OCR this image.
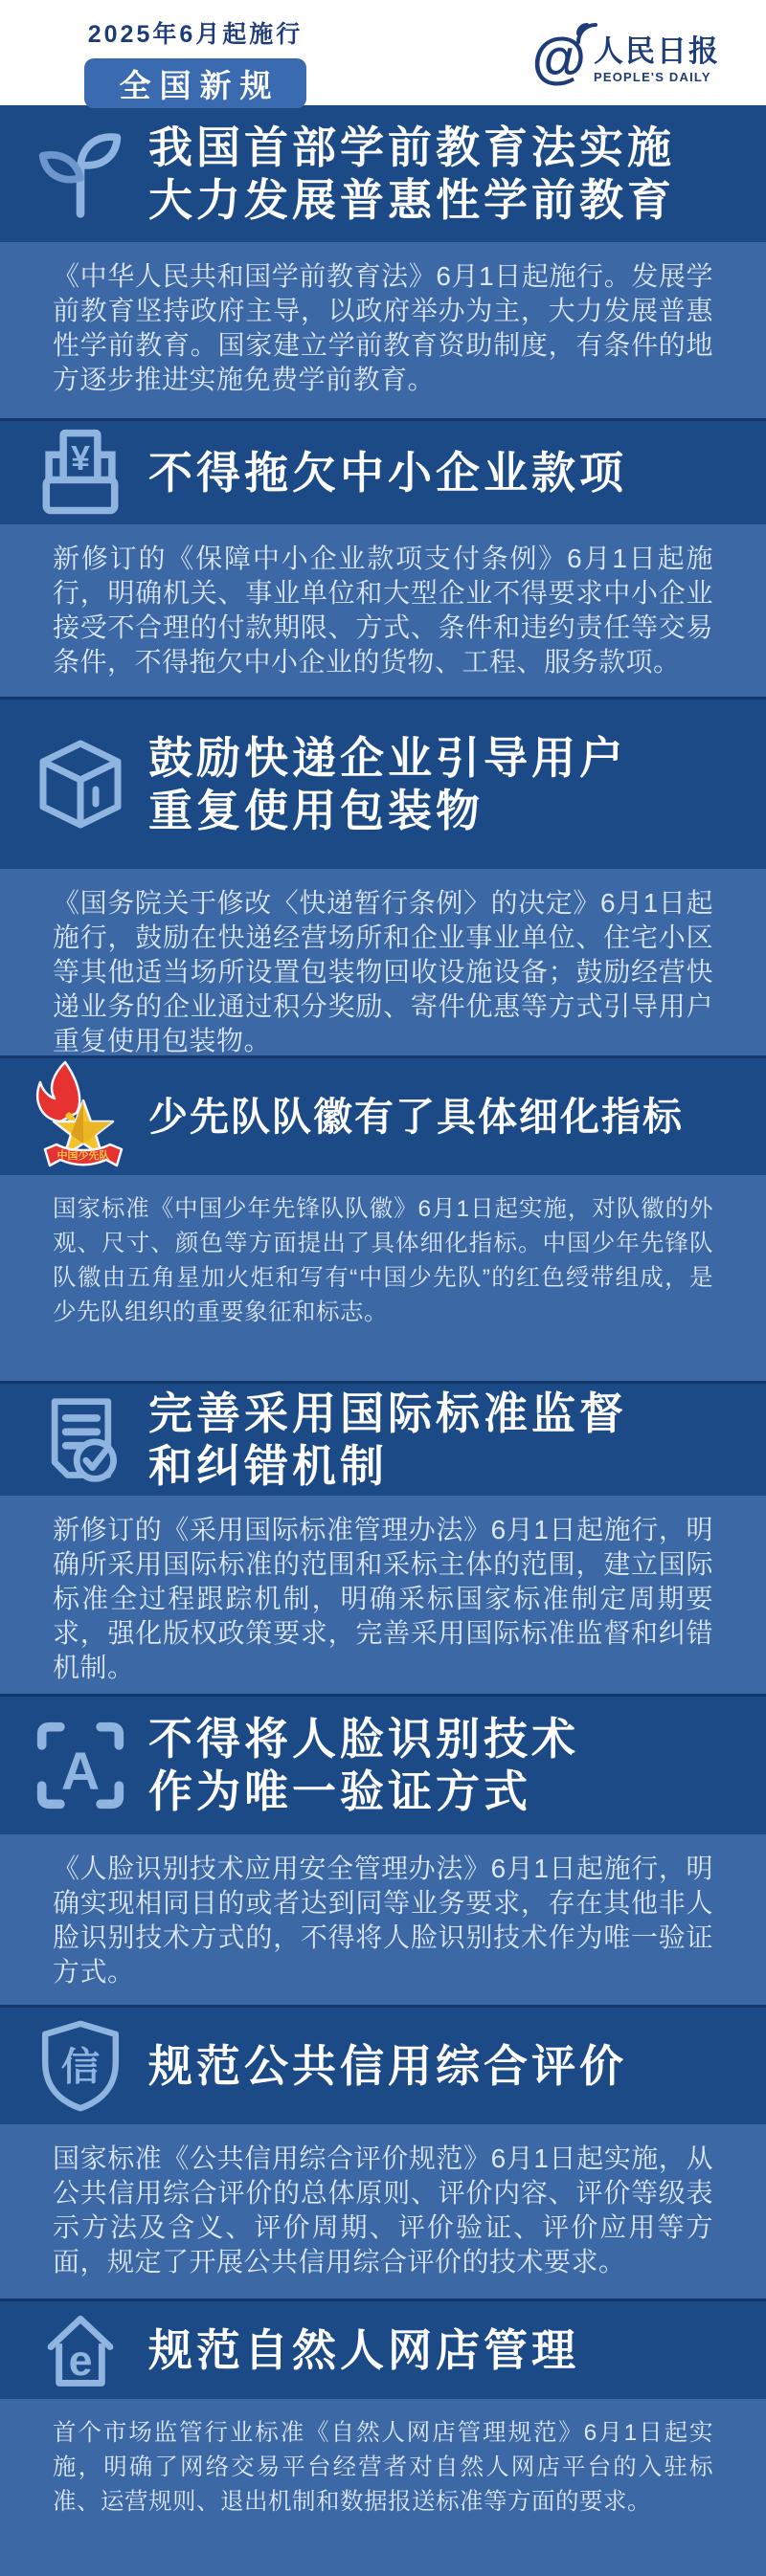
2025年6月起施行
全国新规	@ 人民日报
PEOPLE'S DAILY
我国首部学前教育法实施
大力发展普惠性学前教育

《中华人民共和国学前教育法》6月1日起施行。发展学前教育坚持政府主导，以政府举办为主，大力发展普惠性学前教育。国家建立学前教育资助制度，有条件的地方逐步推进实施免费学前教育。

¥ 不得拖欠中小企业款项

新修订的《保障中小企业款项支付条例》6月1日起施行，明确机关、事业单位和大型企业不得要求中小企业接受不合理的付款期限、方式、条件和违约责任等交易条件，不得拖欠中小企业的货物、工程、服务款项。

鼓励快递企业引导用户
重复使用包装物

《国务院关于修改〈快递暂行条例〉的决定》6月1日起施行，鼓励在快递经营场所和企业事业单位、住宅小区等其他适当场所设置包装物回收设施设备；鼓励经营快递业务的企业通过积分奖励、寄件优惠等方式引导用户重复使用包装物。

中国少先队
少先队队徽有了具体细化指标

国家标准《中国少年先锋队队徽》6月1日起实施，对队徽的外观、尺寸、颜色等方面提出了具体细化指标。中国少年先锋队队徽由五角星加火炬和写有“中国少先队”的红色绶带组成，是少先队组织的重要象征和标志。

完善采用国际标准监督
和纠错机制

新修订的《采用国际标准管理办法》6月1日起施行，明确所采用国际标准的范围和采标主体的范围，建立国际标准全过程跟踪机制，明确采标国家标准制定周期要求，强化版权政策要求，完善采用国际标准监督和纠错机制。

A
不得将人脸识别技术
作为唯一验证方式

《人脸识别技术应用安全管理办法》6月1日起施行，明确实现相同目的或者达到同等业务要求，存在其他非人脸识别技术方式的，不得将人脸识别技术作为唯一验证方式。

信 规范公共信用综合评价

国家标准《公共信用综合评价规范》6月1日起实施，从公共信用综合评价的总体原则、评价内容、评价等级表示方法及含义、评价周期、评价验证、评价应用等方面，规定了开展公共信用综合评价的技术要求。

e 规范自然人网店管理

首个市场监管行业标准《自然人网店管理规范》6月1日起实施，明确了网络交易平台经营者对自然人网店平台的入驻标准、运营规则、退出机制和数据报送标准等方面的要求。
